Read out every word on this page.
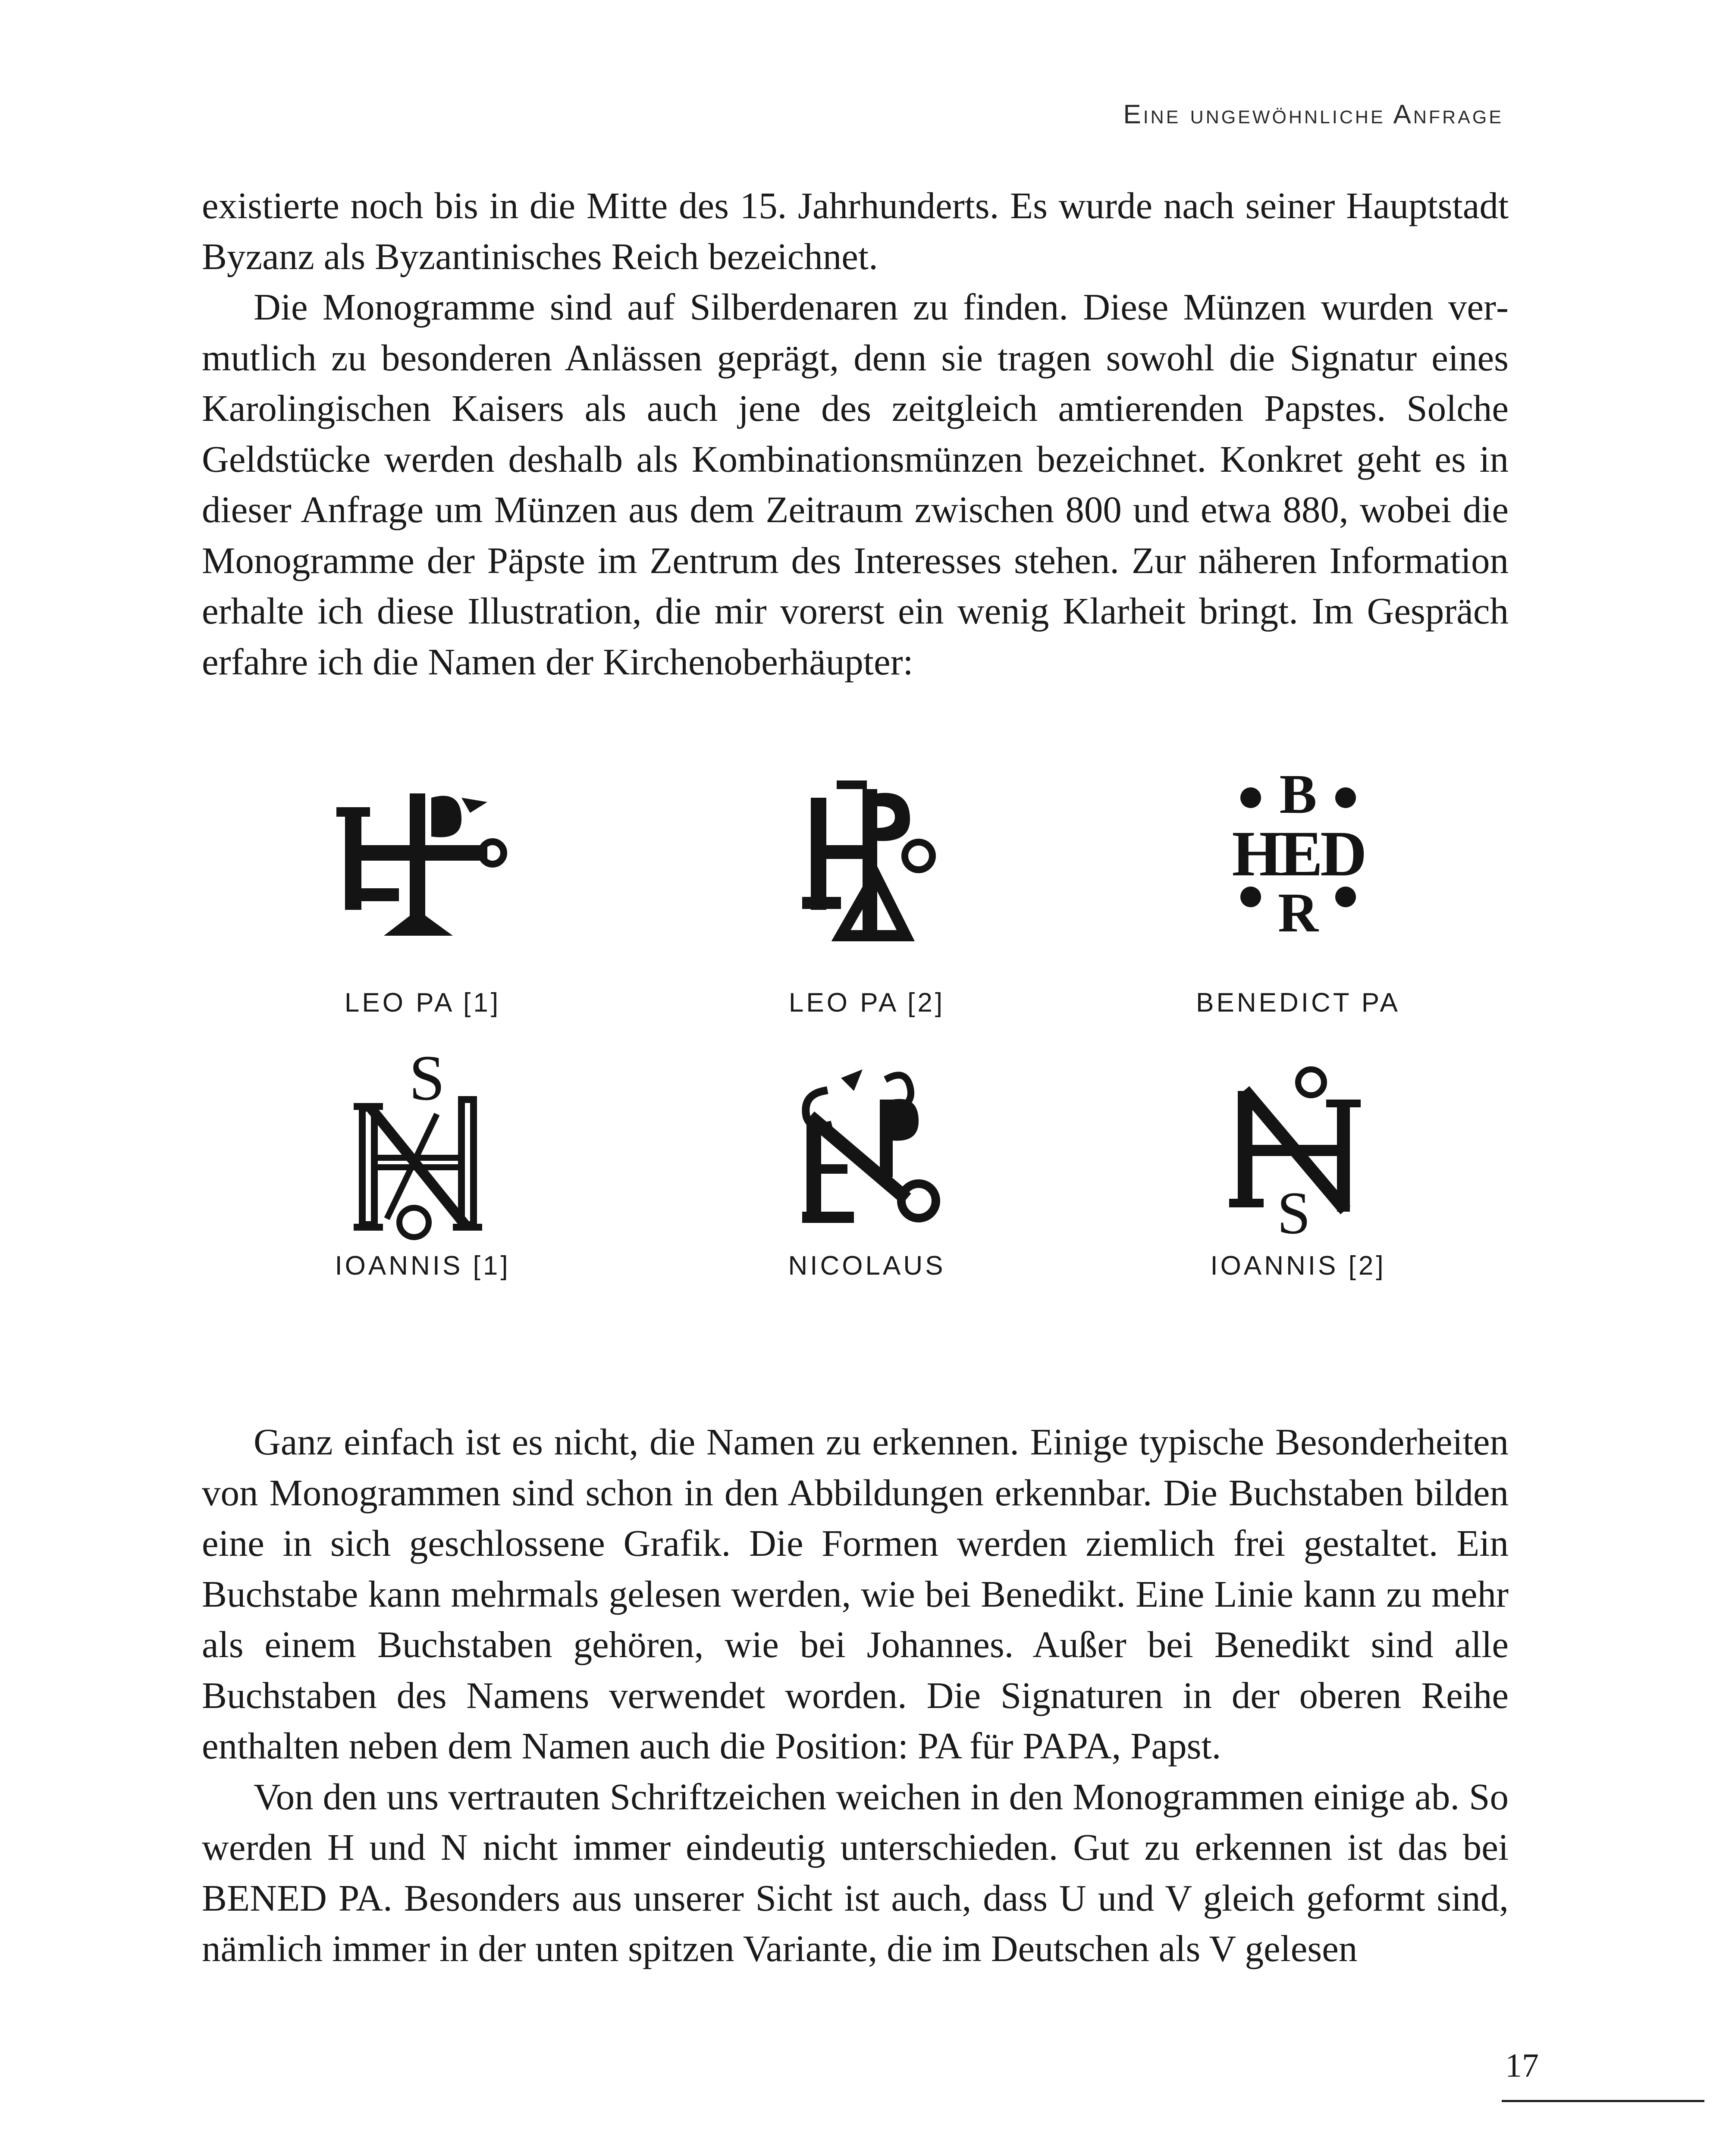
Eine ungewöhnliche Anfrage

existierte noch bis in die Mitte des 15. Jahrhunderts. Es wurde nach seiner Hauptstadt Byzanz als Byzantinisches Reich bezeichnet.

Die Monogramme sind auf Silberdenaren zu finden. Diese Münzen wurden vermutlich zu besonderen Anlässen geprägt, denn sie tragen sowohl die Signatur eines Karolingischen Kaisers als auch jene des zeitgleich amtierenden Papstes. Solche Geldstücke werden deshalb als Kombinationsmünzen bezeichnet. Konkret geht es in dieser Anfrage um Münzen aus dem Zeitraum zwischen 800 und etwa 880, wobei die Monogramme der Päpste im Zentrum des Interesses stehen. Zur näheren Information erhalte ich diese Illustration, die mir vorerst ein wenig Klarheit bringt. Im Gespräch erfahre ich die Namen der Kirchenoberhäupter:

LEO PA [1]	LEO PA [2]
B
HED
R
BENEDICT PA
S
IOANNIS [1]	NICOLAUS
S
IOANNIS [2]

Ganz einfach ist es nicht, die Namen zu erkennen. Einige typische Besonderheiten von Monogrammen sind schon in den Abbildungen erkennbar. Die Buchstaben bilden eine in sich geschlossene Grafik. Die Formen werden ziemlich frei gestaltet. Ein Buchstabe kann mehrmals gelesen werden, wie bei Benedikt. Eine Linie kann zu mehr als einem Buchstaben gehören, wie bei Johannes. Außer bei Benedikt sind alle Buchstaben des Namens verwendet worden. Die Signaturen in der oberen Reihe enthalten neben dem Namen auch die Position: PA für PAPA, Papst.

Von den uns vertrauten Schriftzeichen weichen in den Monogrammen einige ab. So werden H und N nicht immer eindeutig unterschieden. Gut zu erkennen ist das bei BENED PA. Besonders aus unserer Sicht ist auch, dass U und V gleich geformt sind, nämlich immer in der unten spitzen Variante, die im Deutschen als V gelesen

17
